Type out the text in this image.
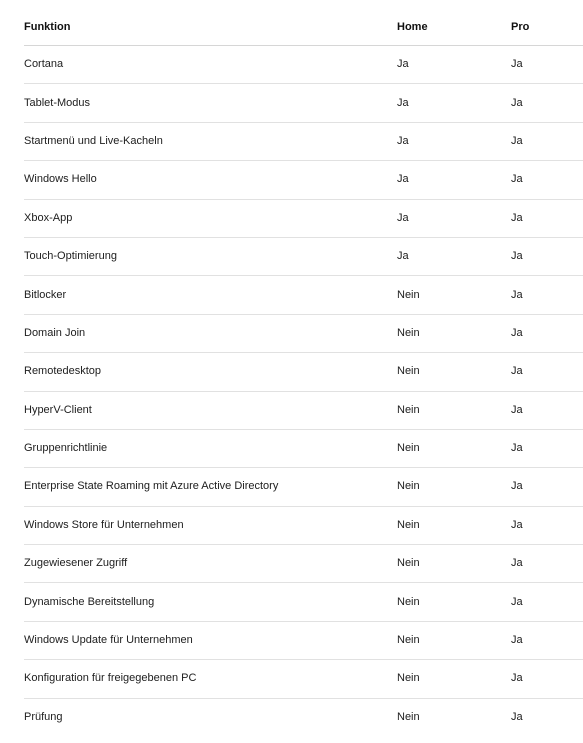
Funktion	Home	Pro
Cortana	Ja	Ja
Tablet-Modus	Ja	Ja
Startmenü und Live-Kacheln	Ja	Ja
Windows Hello	Ja	Ja
Xbox-App	Ja	Ja
Touch-Optimierung	Ja	Ja
Bitlocker	Nein	Ja
Domain Join	Nein	Ja
Remotedesktop	Nein	Ja
HyperV-Client	Nein	Ja
Gruppenrichtlinie	Nein	Ja
Enterprise State Roaming mit Azure Active Directory	Nein	Ja
Windows Store für Unternehmen	Nein	Ja
Zugewiesener Zugriff	Nein	Ja
Dynamische Bereitstellung	Nein	Ja
Windows Update für Unternehmen	Nein	Ja
Konfiguration für freigegebenen PC	Nein	Ja
Prüfung	Nein	Ja
